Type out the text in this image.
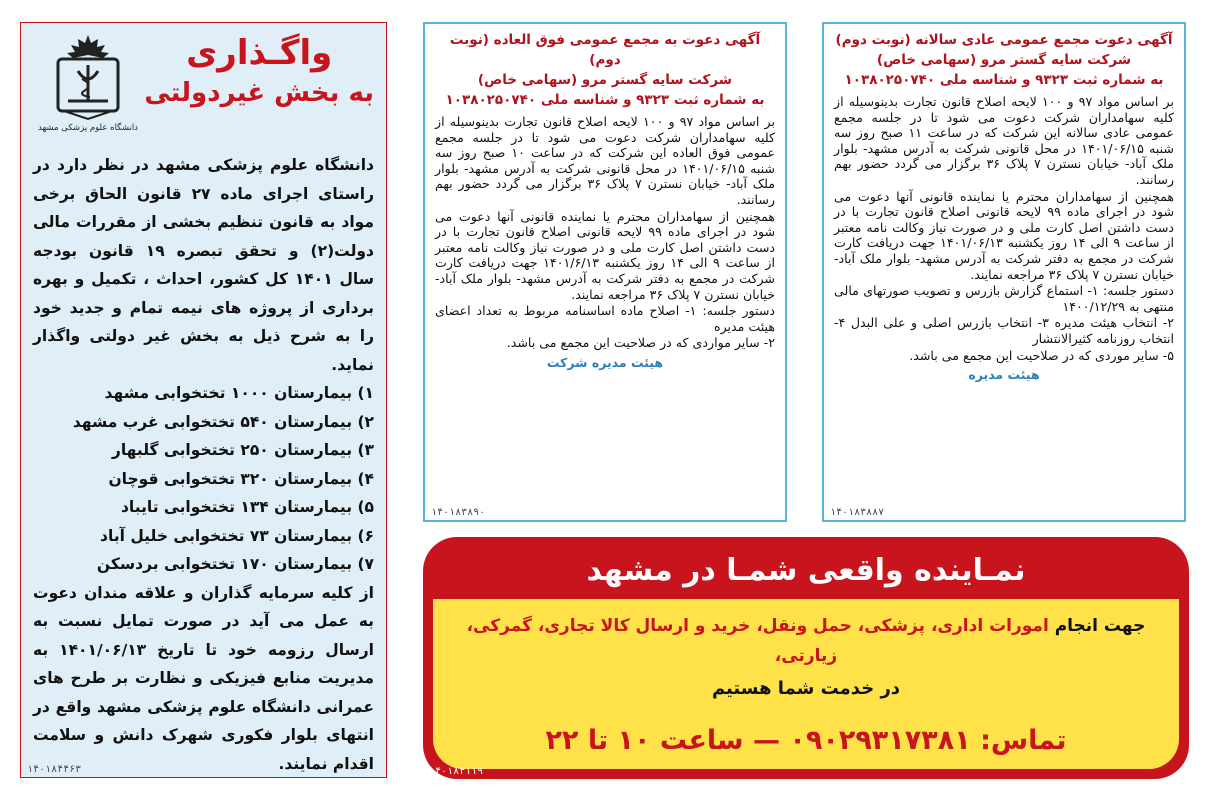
واگـذاری
به بخش غیردولتی
دانشگاه علوم پزشکی مشهد

دانشگاه علوم پزشکی مشهد در نظر دارد در راستای اجرای ماده ۲۷ قانون الحاق برخی مواد به قانون تنظیم بخشی از مقررات مالی دولت(۲) و تحقق تبصره ۱۹ قانون بودجه سال ۱۴۰۱ کل کشور، احداث ، تکمیل و بهره برداری از پروژه های نیمه تمام و جدید خود را به شرح ذیل به بخش غیر دولتی واگذار نماید.

۱) بیمارستان ۱۰۰۰ تختخوابی مشهد
۲) بیمارستان ۵۴۰ تختخوابی غرب مشهد
۳) بیمارستان ۲۵۰ تختخوابی گلبهار
۴) بیمارستان ۳۲۰ تختخوابی قوچان
۵) بیمارستان ۱۳۴ تختخوابی تایباد
۶) بیمارستان ۷۳ تختخوابی خلیل آباد
۷) بیمارستان ۱۷۰ تختخوابی بردسکن

از کلیه سرمایه گذاران و علاقه مندان دعوت به عمل می آید در صورت تمایل نسبت به ارسال رزومه خود تا تاریخ ۱۴۰۱/۰۶/۱۳ به مدیریت منابع فیزیکی و نظارت بر طرح های عمرانی دانشگاه علوم پزشکی مشهد واقع در انتهای بلوار فکوری شهرک دانش و سلامت اقدام نمایند.

۱۴۰۱۸۴۴۶۳
آگهی دعوت به مجمع عمومی فوق العاده (نوبت دوم)
شرکت سایه گستر مرو (سهامی خاص)
به شماره ثبت ۹۳۲۳ و شناسه ملی ۱۰۳۸۰۲۵۰۷۴۰

بر اساس مواد ۹۷ و ۱۰۰ لایحه اصلاح قانون تجارت بدینوسیله از کلیه سهامداران شرکت دعوت می شود تا در جلسه مجمع عمومی فوق العاده این شرکت که در ساعت ۱۰ صبح روز سه شنبه ۱۴۰۱/۰۶/۱۵ در محل قانونی شرکت به آدرس مشهد- بلوار ملک آباد- خیابان نسترن ۷ پلاک ۳۶ برگزار می گردد حضور بهم رسانند.

همچنین از سهامداران محترم یا نماینده قانونی آنها دعوت می شود در اجرای ماده ۹۹ لایحه قانونی اصلاح قانون تجارت با در دست داشتن اصل کارت ملی و در صورت نیاز وکالت نامه معتبر از ساعت ۹ الی ۱۴ روز یکشنبه ۱۴۰۱/۶/۱۳ جهت دریافت کارت شرکت در مجمع به دفتر شرکت به آدرس مشهد- بلوار ملک آباد- خیابان نسترن ۷ پلاک ۳۶ مراجعه نمایند.

دستور جلسه: ۱- اصلاح ماده اساسنامه مربوط به تعداد اعضای هیئت مدیره

۲- سایر مواردی که در صلاحیت این مجمع می باشد.

هیئت مدیره شرکت
۱۴۰۱۸۳۸۹۰
آگهی دعوت مجمع عمومی عادی سالانه (نوبت دوم)
شرکت سایه گستر مرو (سهامی خاص)
به شماره ثبت ۹۳۲۳ و شناسه ملی ۱۰۳۸۰۲۵۰۷۴۰

بر اساس مواد ۹۷ و ۱۰۰ لایحه اصلاح قانون تجارت بدینوسیله از کلیه سهامداران شرکت دعوت می شود تا در جلسه مجمع عمومی عادی سالانه این شرکت که در ساعت ۱۱ صبح روز سه شنبه ۱۴۰۱/۰۶/۱۵ در محل قانونی شرکت به آدرس مشهد- بلوار ملک آباد- خیابان نسترن ۷ پلاک ۳۶ برگزار می گردد حضور بهم رسانند.

همچنین از سهامداران محترم یا نماینده قانونی آنها دعوت می شود در اجرای ماده ۹۹ لایحه قانونی اصلاح قانون تجارت با در دست داشتن اصل کارت ملی و در صورت نیاز وکالت نامه معتبر از ساعت ۹ الی ۱۴ روز یکشنبه ۱۴۰۱/۰۶/۱۳ جهت دریافت کارت شرکت در مجمع به دفتر شرکت به آدرس مشهد- بلوار ملک آباد- خیابان نسترن ۷ پلاک ۳۶ مراجعه نمایند.

دستور جلسه: ۱- استماع گزارش بازرس و تصویب صورتهای مالی منتهی به ۱۴۰۰/۱۲/۲۹

۲- انتخاب هیئت مدیره ۳- انتخاب بازرس اصلی و علی البدل ۴- انتخاب روزنامه کثیرالانتشار

۵- سایر موردی که در صلاحیت این مجمع می باشد.

هیئت مدیره
۱۴۰۱۸۳۸۸۷
نمـاینده واقعی شمـا در مشهد
جهت انجام امورات اداری، پزشکی، حمل ونقل، خرید و ارسال کالا تجاری، گمرکی، زیارتی،
در خدمت شما هستیم
تماس: ۰۹۰۲۹۳۱۷۳۸۱ — ساعت ۱۰ تا ۲۲
۱۴۰۱۸۴۱۱۹
